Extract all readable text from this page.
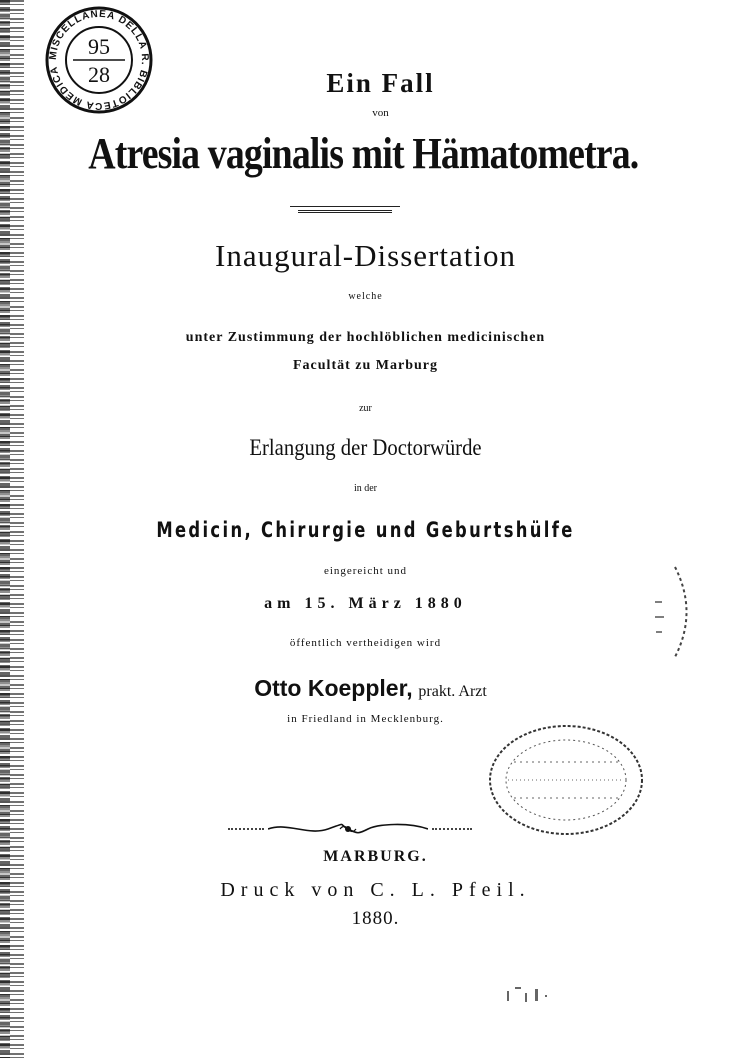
MISCELLANEA DELLA R. BIBLIOTECA MEDICA
95
28	Ein Fall
von
Atresia vaginalis mit Hämatometra.
Inaugural-Dissertation
welche
unter Zustimmung der hochlöblichen medicinischen
Facultät zu Marburg
zur
Erlangung der Doctorwürde
in der
Medicin, Chirurgie und Geburtshülfe
eingereicht und
am 15. März 1880
öffentlich vertheidigen wird
Otto Koeppler, prakt. Arzt
in Friedland in Mecklenburg.
MARBURG.
Druck von C. L. Pfeil.
1880.
